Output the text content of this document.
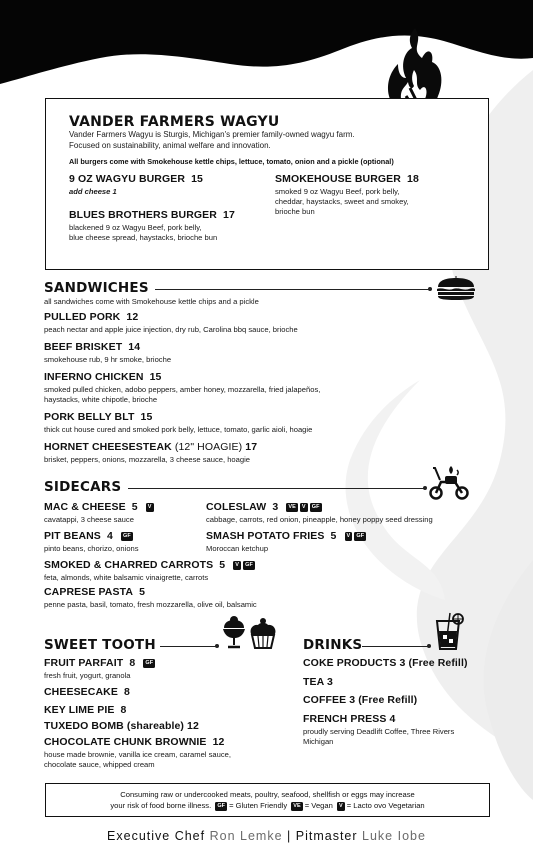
VANDER FARMERS WAGYU
Vander Farmers Wagyu is Sturgis, Michigan's premier family-owned wagyu farm.
Focused on sustainability, animal welfare and innovation.
All burgers come with Smokehouse kettle chips, lettuce, tomato, onion and a pickle (optional)
9 OZ WAGYU BURGER 15
add cheese 1
SMOKEHOUSE BURGER 18
smoked 9 oz Wagyu Beef, pork belly,
cheddar, haystacks, sweet and smokey,
brioche bun
BLUES BROTHERS BURGER 17
blackened 9 oz Wagyu Beef, pork belly,
blue cheese spread, haystacks, brioche bun
SANDWICHES
all sandwiches come with Smokehouse kettle chips and a pickle
PULLED PORK 12
peach nectar and apple juice injection, dry rub, Carolina bbq sauce, brioche
BEEF BRISKET 14
smokehouse rub, 9 hr smoke, brioche
INFERNO CHICKEN 15
smoked pulled chicken, adobo peppers, amber honey, mozzarella, fried jalapeños,
haystacks, white chipotle, brioche
PORK BELLY BLT 15
thick cut house cured and smoked pork belly, lettuce, tomato, garlic aioli, hoagie
HORNET CHEESESTEAK (12" HOAGIE) 17
brisket, peppers, onions, mozzarella, 3 cheese sauce, hoagie
SIDECARS
MAC & CHEESE 5 V
cavatappi, 3 cheese sauce
COLESLAW 3 VE V GF
cabbage, carrots, red onion, pineapple, honey poppy seed dressing
PIT BEANS 4 GF
pinto beans, chorizo, onions
SMASH POTATO FRIES 5 V GF
Moroccan ketchup
SMOKED & CHARRED CARROTS 5 V GF
feta, almonds, white balsamic vinaigrette, carrots
CAPRESE PASTA 5
penne pasta, basil, tomato, fresh mozzarella, olive oil, balsamic
SWEET TOOTH
FRUIT PARFAIT 8 GF
fresh fruit, yogurt, granola
CHEESECAKE 8
KEY LIME PIE 8
TUXEDO BOMB (shareable) 12
CHOCOLATE CHUNK BROWNIE 12
house made brownie, vanilla ice cream, caramel sauce,
chocolate sauce, whipped cream
DRINKS
COKE PRODUCTS 3 (Free Refill)
TEA 3
COFFEE 3 (Free Refill)
FRENCH PRESS 4
proudly serving Deadlift Coffee, Three Rivers
Michigan
Consuming raw or undercooked meats, poultry, seafood, shellfish or eggs may increase
your risk of food borne illness. GF = Gluten Friendly VE = Vegan V = Lacto ovo Vegetarian
Executive Chef Ron Lemke | Pitmaster Luke Iobe
